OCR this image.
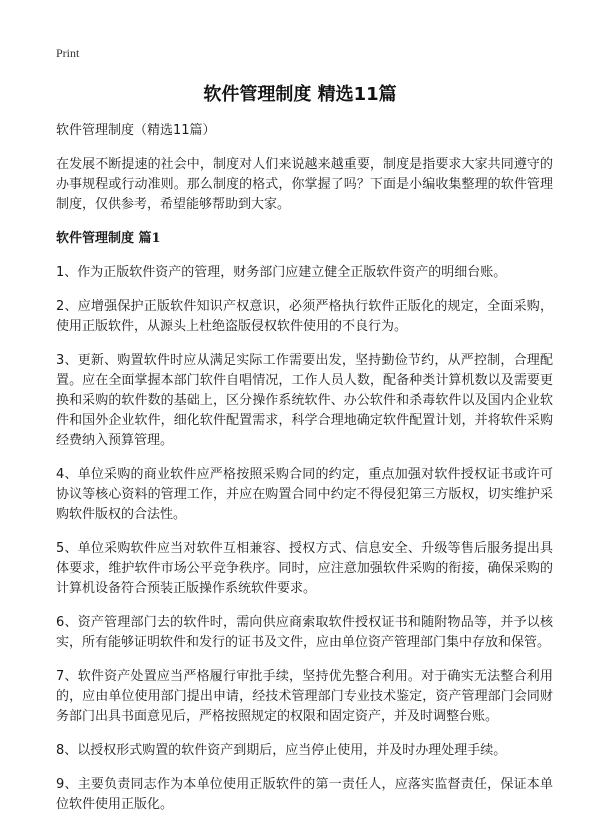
Print
软件管理制度 精选11篇

软件管理制度（精选11篇）

在发展不断提速的社会中，制度对人们来说越来越重要，制度是指要求大家共同遵守的办事规程或行动准则。那么制度的格式，你掌握了吗？下面是小编收集整理的软件管理制度，仅供参考，希望能够帮助到大家。

软件管理制度 篇1

1、作为正版软件资产的管理，财务部门应建立健全正版软件资产的明细台账。

2、应增强保护正版软件知识产权意识，必须严格执行软件正版化的规定，全面采购，使用正版软件，从源头上杜绝盗版侵权软件使用的不良行为。

3、更新、购置软件时应从满足实际工作需要出发，坚持勤俭节约，从严控制，合理配置。应在全面掌握本部门软件自唱情况，工作人员人数，配备种类计算机数以及需要更换和采购的软件数的基础上，区分操作系统软件、办公软件和杀毒软件以及国内企业软件和国外企业软件，细化软件配置需求，科学合理地确定软件配置计划，并将软件采购经费纳入预算管理。

4、单位采购的商业软件应严格按照采购合同的约定，重点加强对软件授权证书或许可协议等核心资料的管理工作，并应在购置合同中约定不得侵犯第三方版权，切实维护采购软件版权的合法性。

5、单位采购软件应当对软件互相兼容、授权方式、信息安全、升级等售后服务提出具体要求，维护软件市场公平竞争秩序。同时，应注意加强软件采购的衔接，确保采购的计算机设备符合预装正版操作系统软件要求。

6、资产管理部门去的软件时，需向供应商索取软件授权证书和随附物品等，并予以核实，所有能够证明软件和发行的证书及文件，应由单位资产管理部门集中存放和保管。

7、软件资产处置应当严格履行审批手续，坚持优先整合利用。对于确实无法整合利用的，应由单位使用部门提出申请，经技术管理部门专业技术鉴定，资产管理部门会同财务部门出具书面意见后，严格按照规定的权限和固定资产，并及时调整台账。

8、以授权形式购置的软件资产到期后，应当停止使用，并及时办理处理手续。

9、主要负责同志作为本单位使用正版软件的第一责任人，应落实监督责任，保证本单位软件使用正版化。
